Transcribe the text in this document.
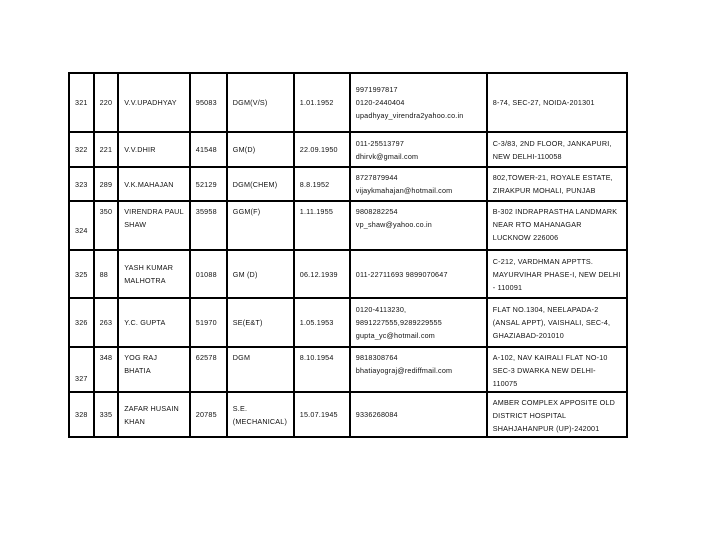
321	220	V.V.UPADHYAY	95083	DGM(V/S)	1.01.1952	9971997817
0120-2440404
upadhyay_virendra2yahoo.co.in	8-74, SEC-27, NOIDA-201301

322	221	V.V.DHIR	41548	GM(D)	22.09.1950	011-25513797
dhirvk@gmail.com	C-3/83, 2ND FLOOR, JANKAPURI,
NEW DELHI-110058

323	289	V.K.MAHAJAN	52129	DGM(CHEM)	8.8.1952	8727879944
vijaykmahajan@hotmail.com	802,TOWER-21, ROYALE ESTATE,
ZIRAKPUR MOHALI, PUNJAB

324	350	VIRENDRA PAUL
SHAW	35958	GGM(F)	1.11.1955	9808282254
vp_shaw@yahoo.co.in	B-302 INDRAPRASTHA LANDMARK
NEAR RTO MAHANAGAR
LUCKNOW 226006

325	88	YASH KUMAR
MALHOTRA	01088	GM (D)	06.12.1939	011-22711693 9899070647	C-212, VARDHMAN APPTTS.
MAYURVIHAR PHASE-I, NEW DELHI
- 110091

326	263	Y.C. GUPTA	51970	SE(E&T)	1.05.1953	0120-4113230,
9891227555,9289229555
gupta_yc@hotmail.com	FLAT NO.1304, NEELAPADA-2
(ANSAL APPT), VAISHALI, SEC-4,
GHAZIABAD-201010

327	348	YOG RAJ
BHATIA	62578	DGM	8.10.1954	9818308764
bhatiayograj@rediffmail.com	A-102, NAV KAIRALI FLAT NO-10
SEC-3 DWARKA NEW DELHI-
110075

328	335	ZAFAR HUSAIN
KHAN	20785	S.E.
(MECHANICAL)	15.07.1945	9336268084	AMBER COMPLEX APPOSITE OLD
DISTRICT HOSPITAL
SHAHJAHANPUR (UP)-242001
